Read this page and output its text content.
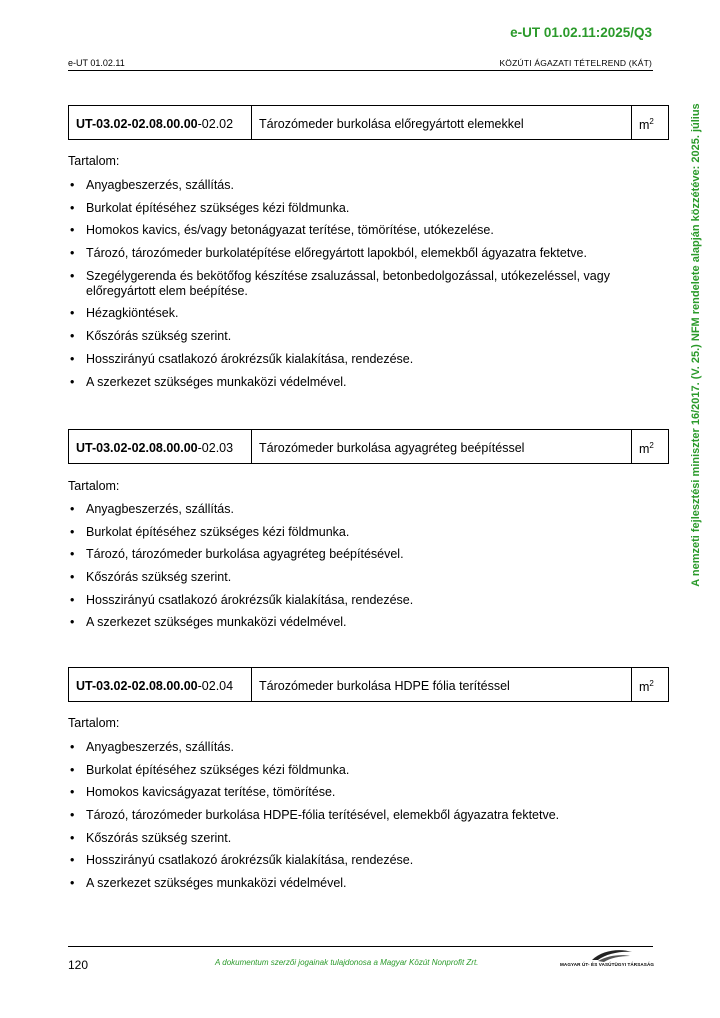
e-UT 01.02.11:2025/Q3
e-UT 01.02.11	KÖZÚTI ÁGAZATI TÉTELREND (KÁT)
A nemzeti fejlesztési miniszter 16/2017. (V. 25.) NFM rendelete alapján közzétéve: 2025. július
UT-03.02-02.08.00.00-02.02	Tározómeder burkolása előregyártott elemekkel	$m^2$
Tartalom:
• Anyagbeszerzés, szállítás.
• Burkolat építéséhez szükséges kézi földmunka.
• Homokos kavics, és/vagy betonágyazat terítése, tömörítése, utókezelése.
• Tározó, tározómeder burkolatépítése előregyártott lapokból, elemekből ágyazatra fektetve.
• Szegélygerenda és bekötőfog készítése zsaluzással, betonbedolgozással, utókezeléssel, vagy előregyártott elem beépítése.
• Hézagkiöntések.
• Kőszórás szükség szerint.
• Hosszirányú csatlakozó árokrézsűk kialakítása, rendezése.
• A szerkezet szükséges munkaközi védelmével.
UT-03.02-02.08.00.00-02.03	Tározómeder burkolása agyagréteg beépítéssel	$m^2$
Tartalom:
• Anyagbeszerzés, szállítás.
• Burkolat építéséhez szükséges kézi földmunka.
• Tározó, tározómeder burkolása agyagréteg beépítésével.
• Kőszórás szükség szerint.
• Hosszirányú csatlakozó árokrézsűk kialakítása, rendezése.
• A szerkezet szükséges munkaközi védelmével.
UT-03.02-02.08.00.00-02.04	Tározómeder burkolása HDPE fólia terítéssel	$m^2$
Tartalom:
• Anyagbeszerzés, szállítás.
• Burkolat építéséhez szükséges kézi földmunka.
• Homokos kavicságyazat terítése, tömörítése.
• Tározó, tározómeder burkolása HDPE-fólia terítésével, elemekből ágyazatra fektetve.
• Kőszórás szükség szerint.
• Hosszirányú csatlakozó árokrézsűk kialakítása, rendezése.
• A szerkezet szükséges munkaközi védelmével.
120	A dokumentum szerzői jogainak tulajdonosa a Magyar Közút Nonprofit Zrt.	MAGYAR ÚT- ÉS VASÚTÜGYI TÁRSASÁG
